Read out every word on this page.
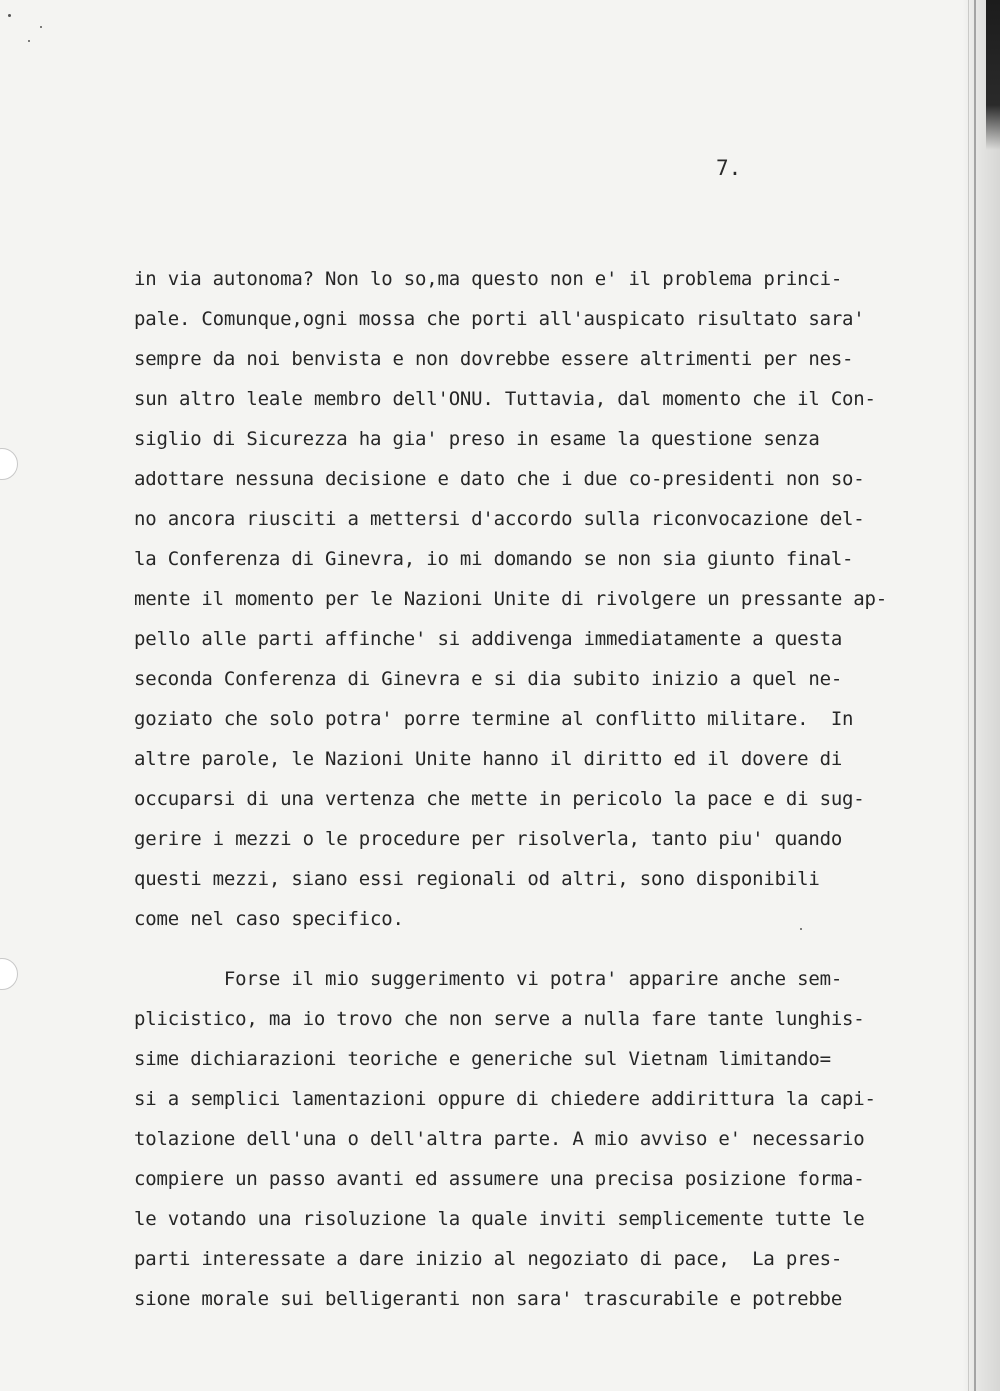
7.

in via autonoma? Non lo so,ma questo non e' il problema princi-

pale. Comunque,ogni mossa che porti all'auspicato risultato sara'

sempre da noi benvista e non dovrebbe essere altrimenti per nes-

sun altro leale membro dell'ONU. Tuttavia, dal momento che il Con-

siglio di Sicurezza ha gia' preso in esame la questione senza

adottare nessuna decisione e dato che i due co-presidenti non so-

no ancora riusciti a mettersi d'accordo sulla riconvocazione del-

la Conferenza di Ginevra, io mi domando se non sia giunto final-

mente il momento per le Nazioni Unite di rivolgere un pressante ap-

pello alle parti affinche' si addivenga immediatamente a questa

seconda Conferenza di Ginevra e si dia subito inizio a quel ne-

goziato che solo potra' porre termine al conflitto militare.  In

altre parole, le Nazioni Unite hanno il diritto ed il dovere di

occuparsi di una vertenza che mette in pericolo la pace e di sug-

gerire i mezzi o le procedure per risolverla, tanto piu' quando

questi mezzi, siano essi regionali od altri, sono disponibili

come nel caso specifico.

Forse il mio suggerimento vi potra' apparire anche sem-

plicistico, ma io trovo che non serve a nulla fare tante lunghis-

sime dichiarazioni teoriche e generiche sul Vietnam limitando=

si a semplici lamentazioni oppure di chiedere addirittura la capi-

tolazione dell'una o dell'altra parte. A mio avviso e' necessario

compiere un passo avanti ed assumere una precisa posizione forma-

le votando una risoluzione la quale inviti semplicemente tutte le

parti interessate a dare inizio al negoziato di pace,  La pres-

sione morale sui belligeranti non sara' trascurabile e potrebbe
